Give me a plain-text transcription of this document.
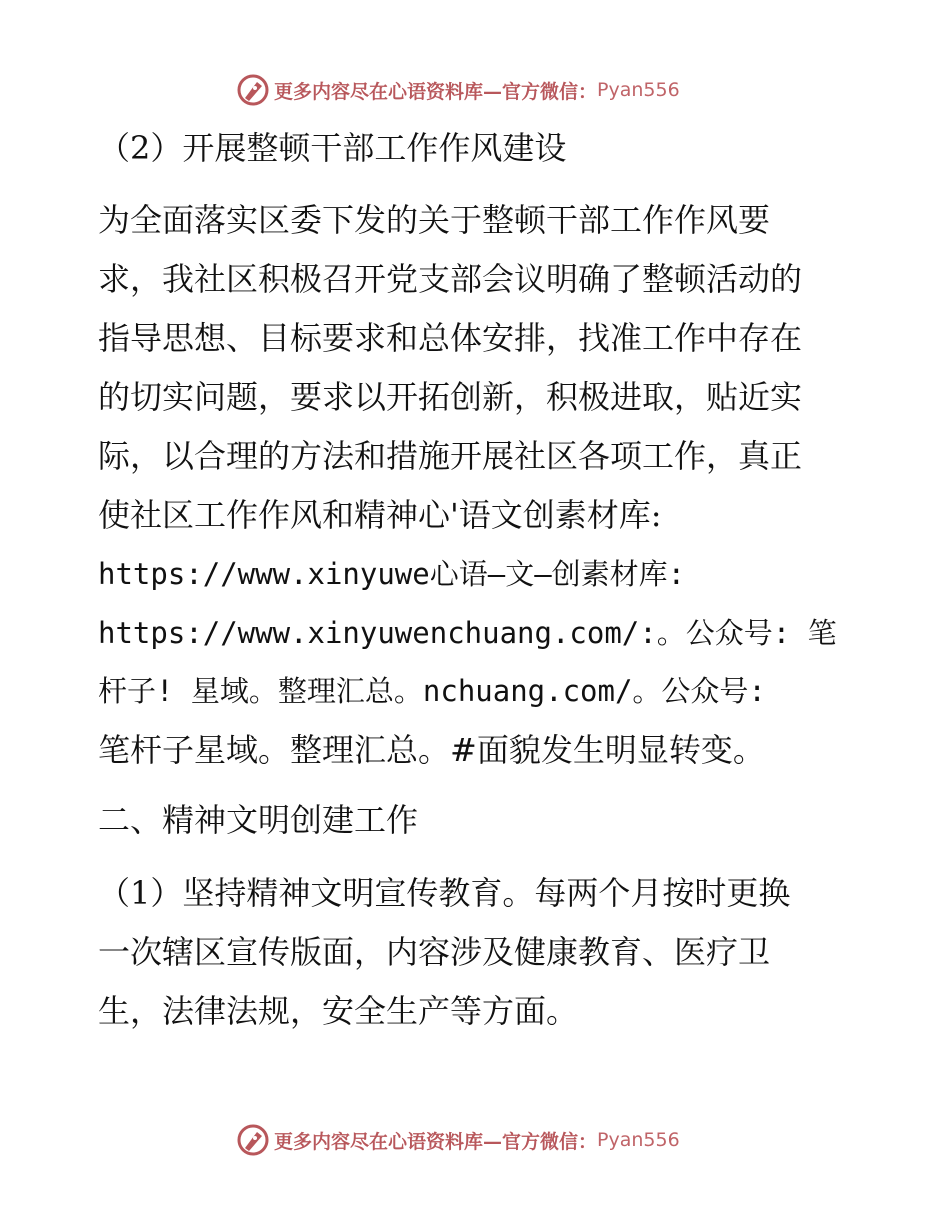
更多内容尽在心语资料库—官方微信： Pyan556
（2）开展整顿干部工作作风建设
为全面落实区委下发的关于整顿干部工作作风要
求，我社区积极召开党支部会议明确了整顿活动的
指导思想、目标要求和总体安排，找准工作中存在
的切实问题，要求以开拓创新，积极进取，贴近实
际，以合理的方法和措施开展社区各项工作，真正
使社区工作作风和精神心'语文创素材库:
https://www.xinyuwe心语—文—创素材库:
https://www.xinyuwenchuang.com/:。公众号: 笔
杆子! 星域。整理汇总。nchuang.com/。公众号:
笔杆子星域。整理汇总。#面貌发生明显转变。
二、精神文明创建工作
（1）坚持精神文明宣传教育。每两个月按时更换
一次辖区宣传版面，内容涉及健康教育、医疗卫
生，法律法规，安全生产等方面。
更多内容尽在心语资料库—官方微信： Pyan556
